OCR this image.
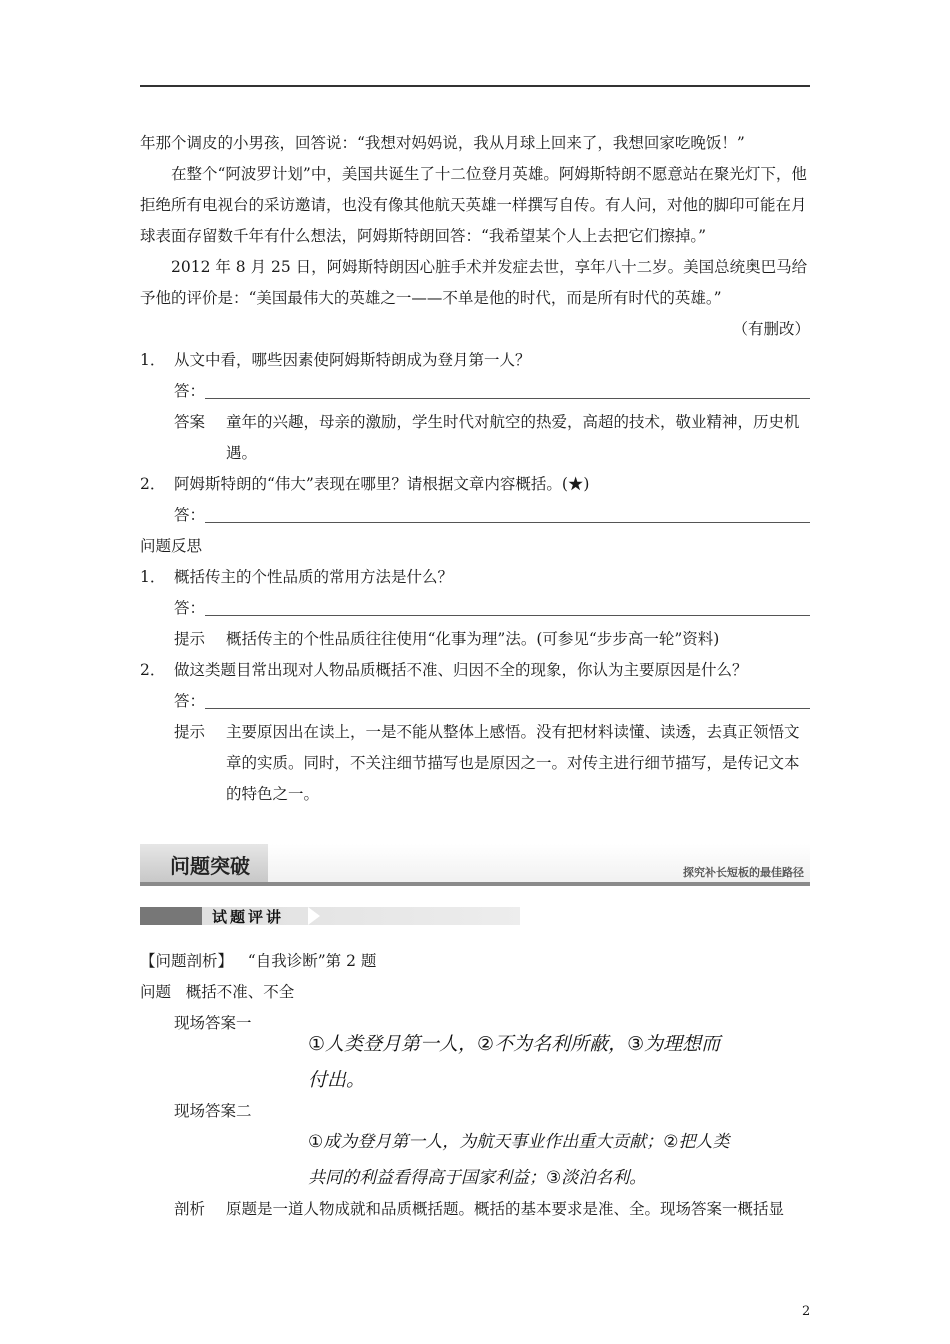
年那个调皮的小男孩，回答说：“我想对妈妈说，我从月球上回来了，我想回家吃晚饭！”

在整个“阿波罗计划”中，美国共诞生了十二位登月英雄。阿姆斯特朗不愿意站在聚光灯下，他拒绝所有电视台的采访邀请，也没有像其他航天英雄一样撰写自传。有人问，对他的脚印可能在月球表面存留数千年有什么想法，阿姆斯特朗回答：“我希望某个人上去把它们擦掉。”

2012 年 8 月 25 日，阿姆斯特朗因心脏手术并发症去世，享年八十二岁。美国总统奥巴马给予他的评价是：“美国最伟大的英雄之一——不单是他的时代，而是所有时代的英雄。”

（有删改）

1． 从文中看，哪些因素使阿姆斯特朗成为登月第一人？
答：
答案	童年的兴趣，母亲的激励，学生时代对航空的热爱，高超的技术，敬业精神，历史机遇。
2． 阿姆斯特朗的“伟大”表现在哪里？请根据文章内容概括。(★)
答：

问题反思

1． 概括传主的个性品质的常用方法是什么？
答：
提示	概括传主的个性品质往往使用“化事为理”法。(可参见“步步高一轮”资料)
2． 做这类题目常出现对人物品质概括不准、归因不全的现象，你认为主要原因是什么？
答：
提示	主要原因出在读上，一是不能从整体上感悟。没有把材料读懂、读透，去真正领悟文章的实质。同时，不关注细节描写也是原因之一。对传主进行细节描写，是传记文本的特色之一。
问题突破	探究补长短板的最佳路径
试题评讲
【问题剖析】 “自我诊断”第 2 题
问题 概括不准、不全
现场答案一
①人类登月第一人，②不为名利所蔽，③为理想而
付出。
现场答案二
①成为登月第一人，为航天事业作出重大贡献；②把人类
共同的利益看得高于国家利益；③淡泊名利。
剖析	原题是一道人物成就和品质概括题。概括的基本要求是准、全。现场答案一概括显
2
